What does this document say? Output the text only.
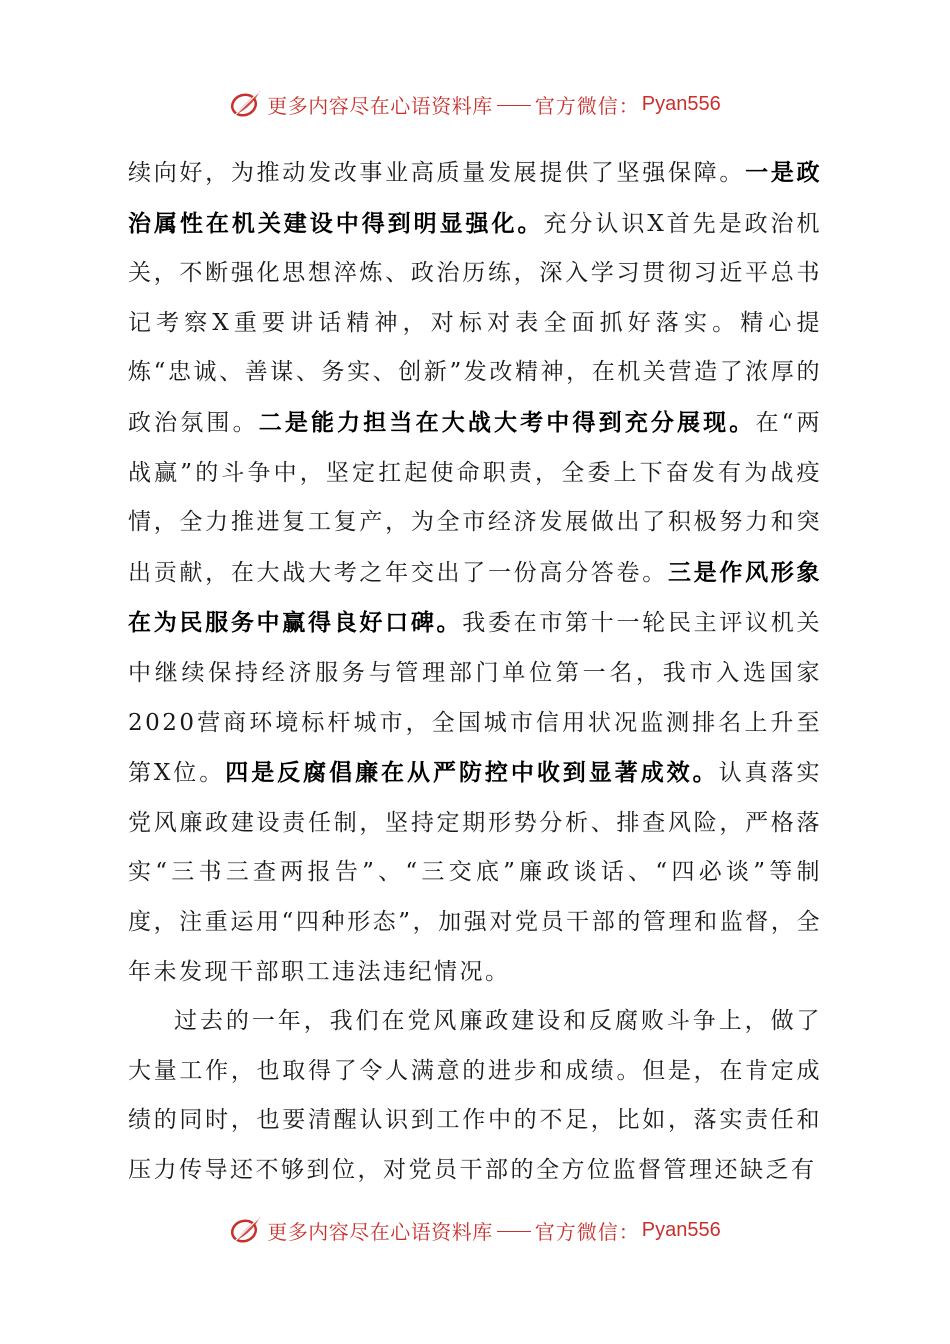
更多内容尽在心语资料库 官方微信： Pyan556

续向好，为推动发改事业高质量发展提供了坚强保障。一是政治属性在机关建设中得到明显强化。充分认识X首先是政治机关，不断强化思想淬炼、政治历练，深入学习贯彻习近平总书记考察X重要讲话精神，对标对表全面抓好落实。精心提炼“忠诚、善谋、务实、创新”发改精神，在机关营造了浓厚的政治氛围。二是能力担当在大战大考中得到充分展现。在“两战赢”的斗争中，坚定扛起使命职责，全委上下奋发有为战疫情，全力推进复工复产，为全市经济发展做出了积极努力和突出贡献，在大战大考之年交出了一份高分答卷。三是作风形象在为民服务中赢得良好口碑。我委在市第十一轮民主评议机关中继续保持经济服务与管理部门单位第一名，我市入选国家2020营商环境标杆城市，全国城市信用状况监测排名上升至第X位。四是反腐倡廉在从严防控中收到显著成效。认真落实党风廉政建设责任制，坚持定期形势分析、排查风险，严格落实“三书三查两报告”、“三交底”廉政谈话、“四必谈”等制度，注重运用“四种形态”，加强对党员干部的管理和监督，全年未发现干部职工违法违纪情况。

过去的一年，我们在党风廉政建设和反腐败斗争上，做了大量工作，也取得了令人满意的进步和成绩。但是，在肯定成绩的同时，也要清醒认识到工作中的不足，比如，落实责任和压力传导还不够到位，对党员干部的全方位监督管理还缺乏有

更多内容尽在心语资料库 官方微信： Pyan556
